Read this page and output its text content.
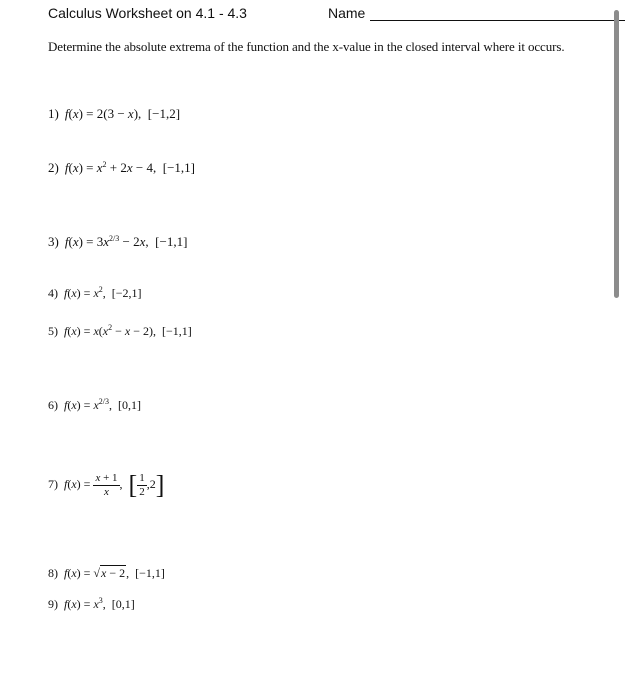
Calculus Worksheet on 4.1 - 4.3	Name
Determine the absolute extrema of the function and the x-value in the closed interval where it occurs.
1) f(x) = 2(3 − x),  [−1,2]
2) $f(x) = x^2 + 2x - 4$,  [−1,1]
3) $f(x) = 3x^{2/3} - 2x$,  [−1,1]
4) $f(x) = x^2$,  [−2,1]
5) $f(x) = x(x^2 - x - 2)$,  [−1,1]
6) $f(x) = x^{2/3}$,  [0,1]
7) $f(x) = \frac{x + 1}{x}$ ,  [ $\frac{1}{2} ,2$]
8) f(x) = √x − 2,  [−1,1]
9) $f(x) = x^3$,  [0,1]
